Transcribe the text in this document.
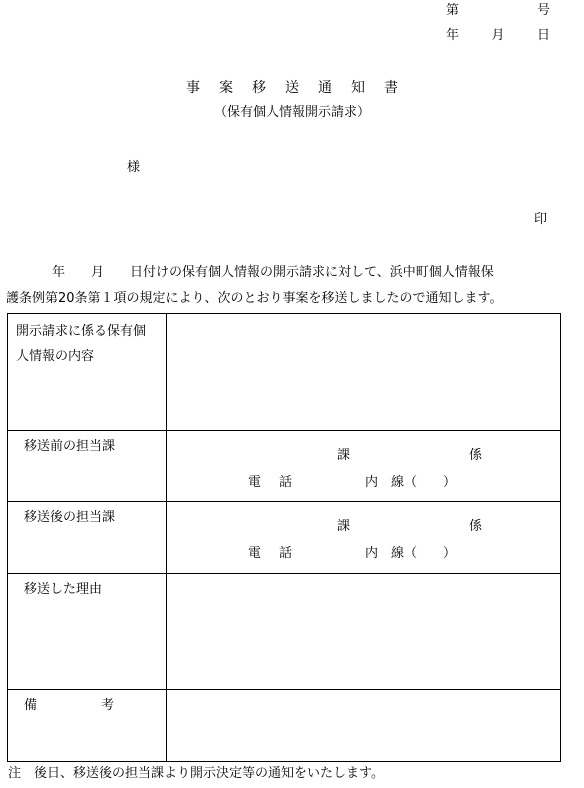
第	号
年 月 日
事案移送通知書
（保有個人情報開示請求）
様
印
　　　　年　　月　　日付けの保有個人情報の開示請求に対して、浜中町個人情報保
護条例第20条第１項の規定により、次のとおり事案を移送しましたので通知します。
開示請求に係る保有個
人情報の内容	

移送前の担当課	課 係
電 話 内　線（　　）

移送後の担当課	課 係
電 話 内　線（　　）

移送した理由	

備 考	

注　後日、移送後の担当課より開示決定等の通知をいたします。
